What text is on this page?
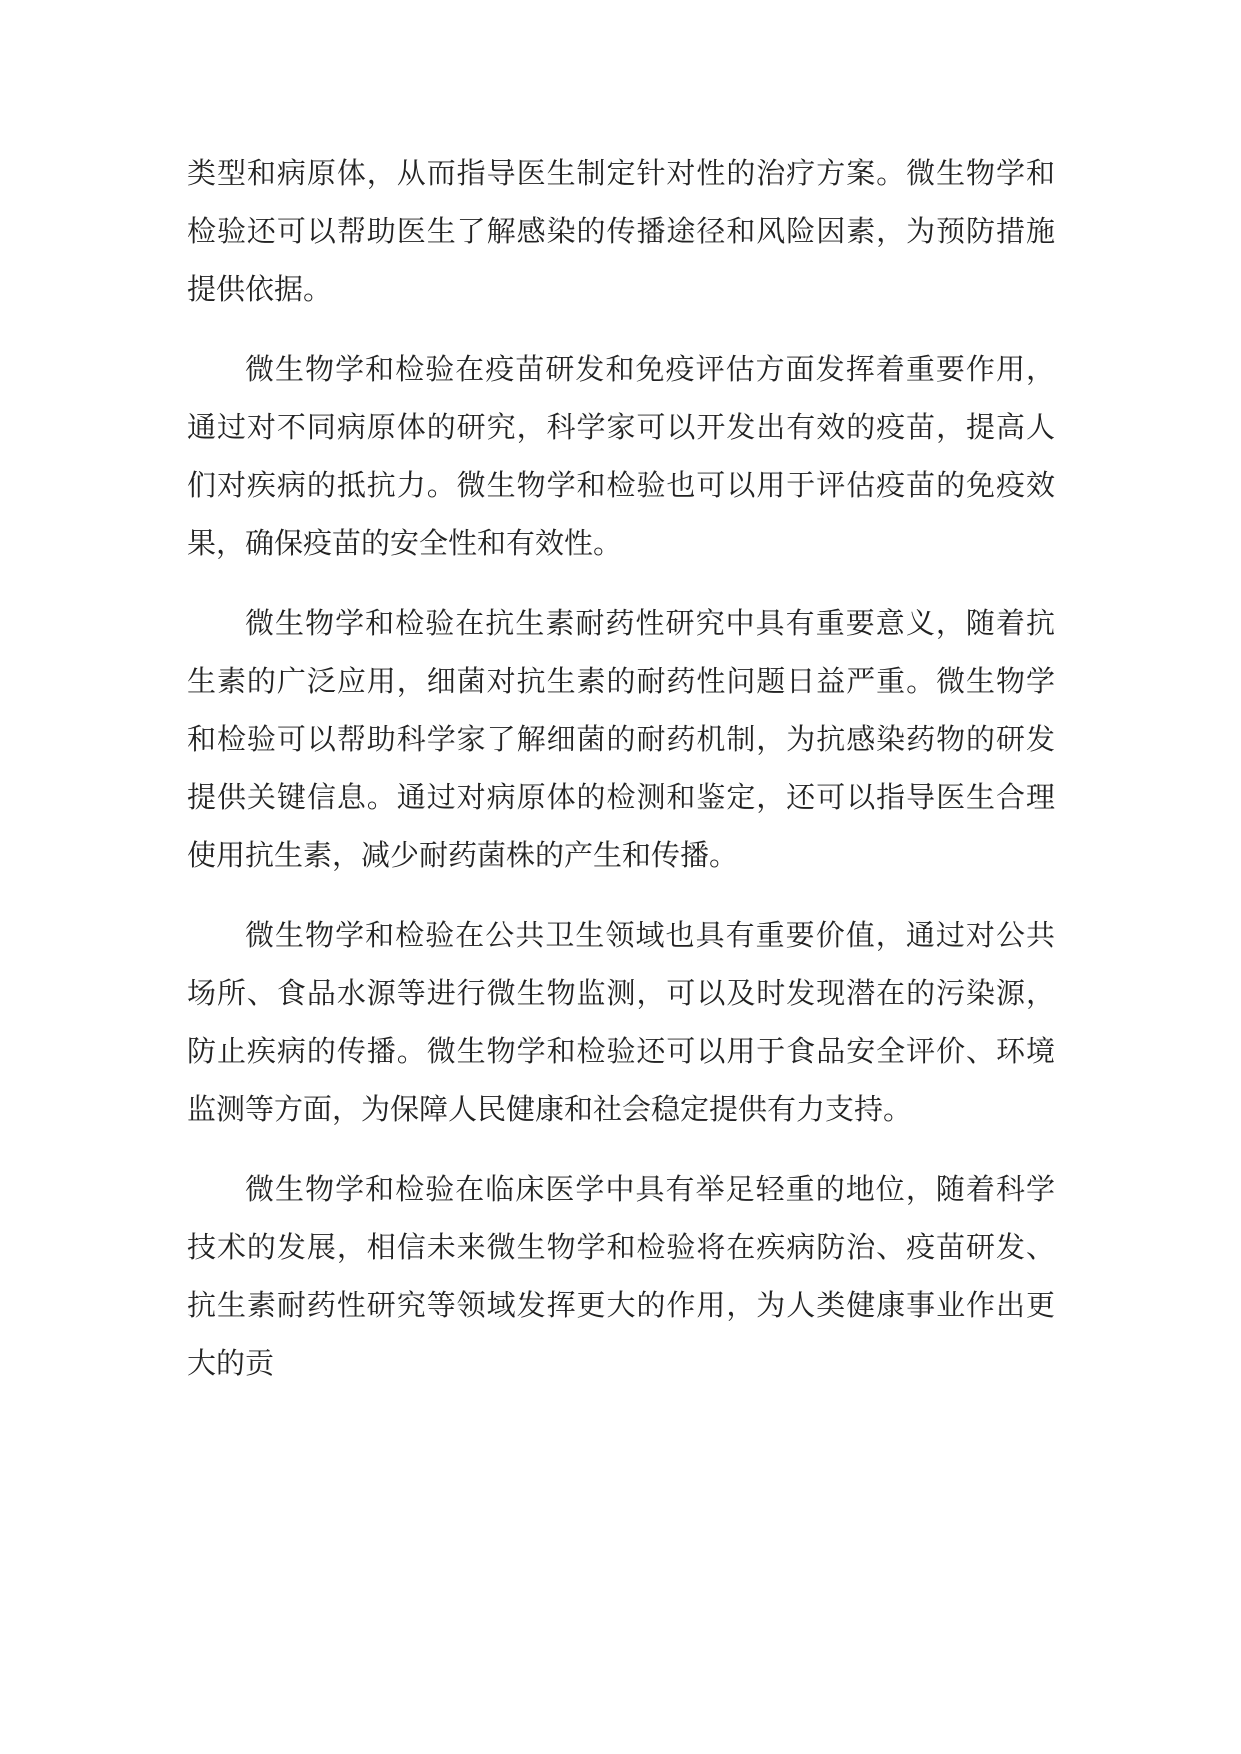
类型和病原体，从而指导医生制定针对性的治疗方案。微生物学和检验还可以帮助医生了解感染的传播途径和风险因素，为预防措施提供依据。

微生物学和检验在疫苗研发和免疫评估方面发挥着重要作用，通过对不同病原体的研究，科学家可以开发出有效的疫苗，提高人们对疾病的抵抗力。微生物学和检验也可以用于评估疫苗的免疫效果，确保疫苗的安全性和有效性。

微生物学和检验在抗生素耐药性研究中具有重要意义，随着抗生素的广泛应用，细菌对抗生素的耐药性问题日益严重。微生物学和检验可以帮助科学家了解细菌的耐药机制，为抗感染药物的研发提供关键信息。通过对病原体的检测和鉴定，还可以指导医生合理使用抗生素，减少耐药菌株的产生和传播。

微生物学和检验在公共卫生领域也具有重要价值，通过对公共场所、食品水源等进行微生物监测，可以及时发现潜在的污染源，防止疾病的传播。微生物学和检验还可以用于食品安全评价、环境监测等方面，为保障人民健康和社会稳定提供有力支持。

微生物学和检验在临床医学中具有举足轻重的地位，随着科学技术的发展，相信未来微生物学和检验将在疾病防治、疫苗研发、抗生素耐药性研究等领域发挥更大的作用，为人类健康事业作出更大的贡
